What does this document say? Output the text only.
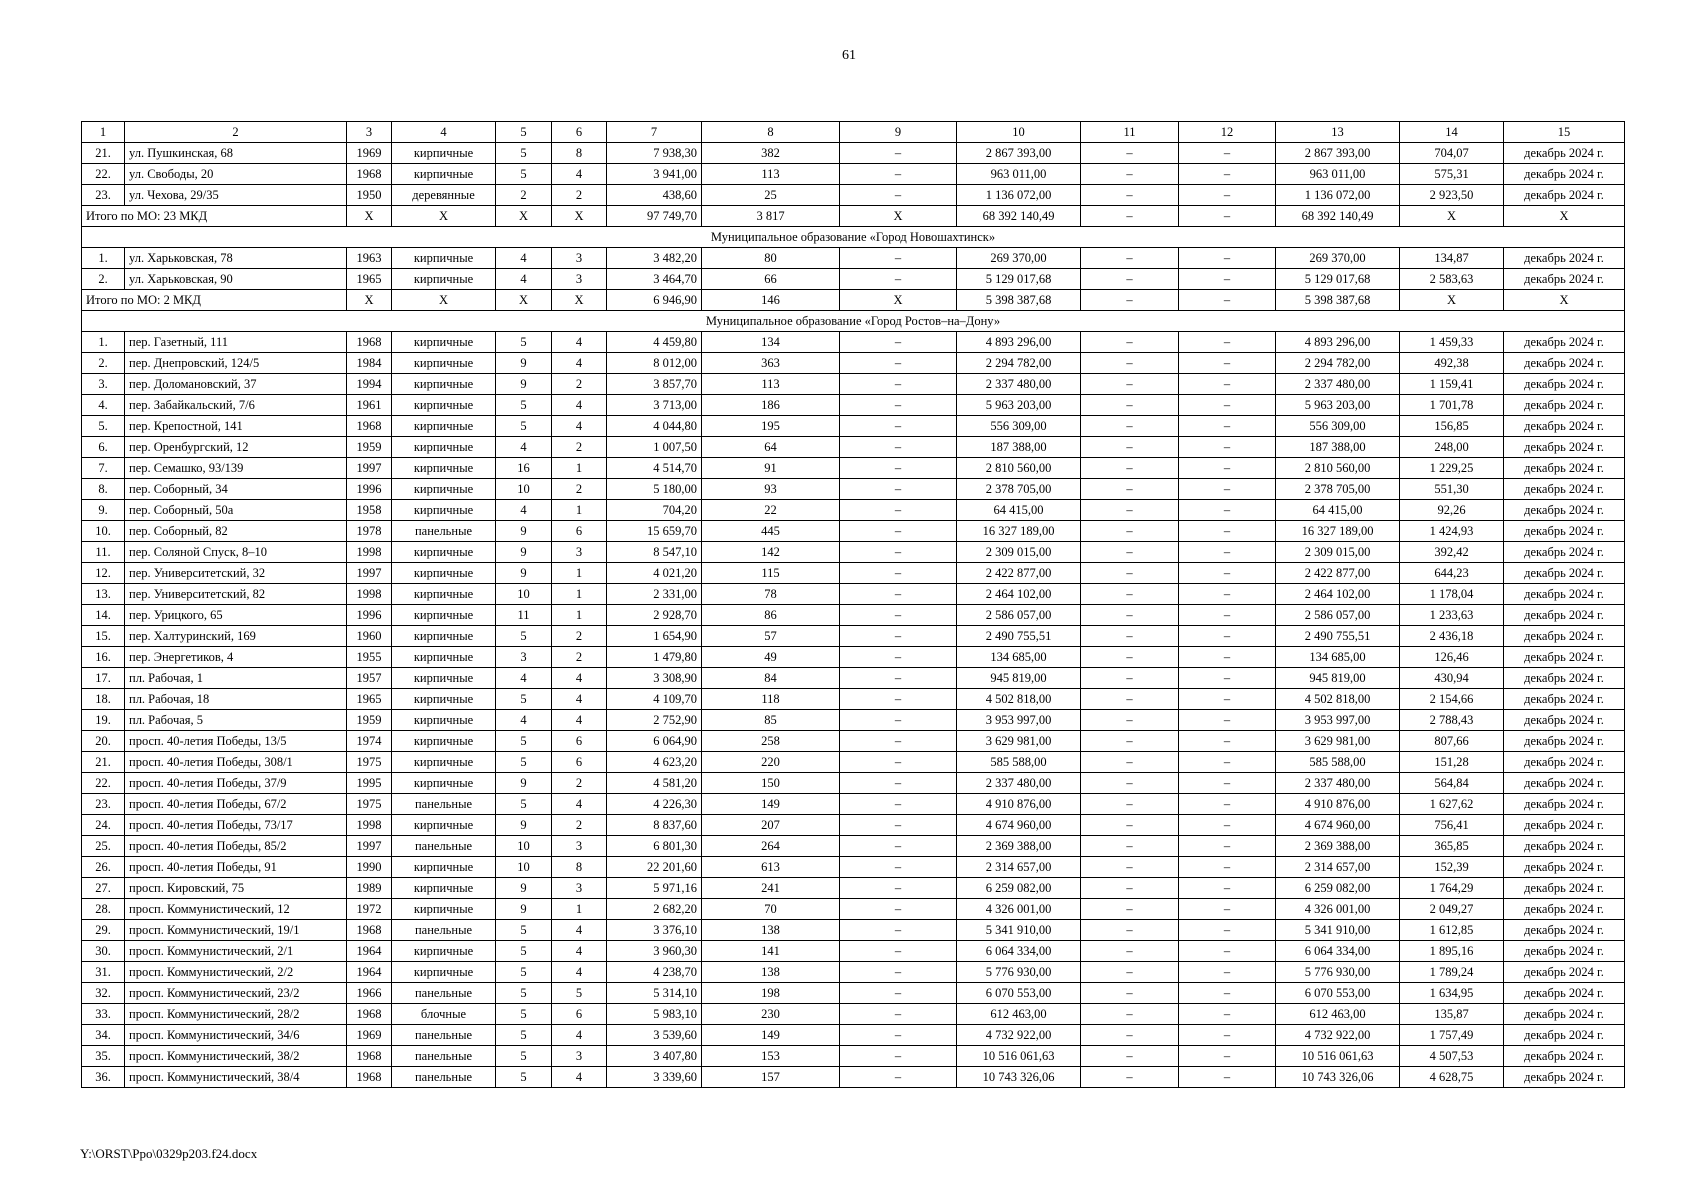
61
1	2	3	4	5	6	7	8	9	10	11	12	13	14	15
21.	ул. Пушкинская, 68	1969	кирпичные	5	8	7 938,30	382	–	2 867 393,00	–	–	2 867 393,00	704,07	декабрь 2024 г.
22.	ул. Свободы, 20	1968	кирпичные	5	4	3 941,00	113	–	963 011,00	–	–	963 011,00	575,31	декабрь 2024 г.
23.	ул. Чехова, 29/35	1950	деревянные	2	2	438,60	25	–	1 136 072,00	–	–	1 136 072,00	2 923,50	декабрь 2024 г.
Итого по МО: 23 МКД		Х	Х	Х	Х	97 749,70	3 817	Х	68 392 140,49	–	–	68 392 140,49	Х	Х
Муниципальное образование «Город Новошахтинск»														
1.	ул. Харьковская, 78	1963	кирпичные	4	3	3 482,20	80	–	269 370,00	–	–	269 370,00	134,87	декабрь 2024 г.
2.	ул. Харьковская, 90	1965	кирпичные	4	3	3 464,70	66	–	5 129 017,68	–	–	5 129 017,68	2 583,63	декабрь 2024 г.
Итого по МО: 2 МКД		Х	Х	Х	Х	6 946,90	146	Х	5 398 387,68	–	–	5 398 387,68	Х	Х
Муниципальное образование «Город Ростов–на–Дону»														
1.	пер. Газетный, 111	1968	кирпичные	5	4	4 459,80	134	–	4 893 296,00	–	–	4 893 296,00	1 459,33	декабрь 2024 г.
2.	пер. Днепровский, 124/5	1984	кирпичные	9	4	8 012,00	363	–	2 294 782,00	–	–	2 294 782,00	492,38	декабрь 2024 г.
3.	пер. Доломановский, 37	1994	кирпичные	9	2	3 857,70	113	–	2 337 480,00	–	–	2 337 480,00	1 159,41	декабрь 2024 г.
4.	пер. Забайкальский, 7/6	1961	кирпичные	5	4	3 713,00	186	–	5 963 203,00	–	–	5 963 203,00	1 701,78	декабрь 2024 г.
5.	пер. Крепостной, 141	1968	кирпичные	5	4	4 044,80	195	–	556 309,00	–	–	556 309,00	156,85	декабрь 2024 г.
6.	пер. Оренбургский, 12	1959	кирпичные	4	2	1 007,50	64	–	187 388,00	–	–	187 388,00	248,00	декабрь 2024 г.
7.	пер. Семашко, 93/139	1997	кирпичные	16	1	4 514,70	91	–	2 810 560,00	–	–	2 810 560,00	1 229,25	декабрь 2024 г.
8.	пер. Соборный, 34	1996	кирпичные	10	2	5 180,00	93	–	2 378 705,00	–	–	2 378 705,00	551,30	декабрь 2024 г.
9.	пер. Соборный, 50а	1958	кирпичные	4	1	704,20	22	–	64 415,00	–	–	64 415,00	92,26	декабрь 2024 г.
10.	пер. Соборный, 82	1978	панельные	9	6	15 659,70	445	–	16 327 189,00	–	–	16 327 189,00	1 424,93	декабрь 2024 г.
11.	пер. Соляной Спуск, 8–10	1998	кирпичные	9	3	8 547,10	142	–	2 309 015,00	–	–	2 309 015,00	392,42	декабрь 2024 г.
12.	пер. Университетский, 32	1997	кирпичные	9	1	4 021,20	115	–	2 422 877,00	–	–	2 422 877,00	644,23	декабрь 2024 г.
13.	пер. Университетский, 82	1998	кирпичные	10	1	2 331,00	78	–	2 464 102,00	–	–	2 464 102,00	1 178,04	декабрь 2024 г.
14.	пер. Урицкого, 65	1996	кирпичные	11	1	2 928,70	86	–	2 586 057,00	–	–	2 586 057,00	1 233,63	декабрь 2024 г.
15.	пер. Халтуринский, 169	1960	кирпичные	5	2	1 654,90	57	–	2 490 755,51	–	–	2 490 755,51	2 436,18	декабрь 2024 г.
16.	пер. Энергетиков, 4	1955	кирпичные	3	2	1 479,80	49	–	134 685,00	–	–	134 685,00	126,46	декабрь 2024 г.
17.	пл. Рабочая, 1	1957	кирпичные	4	4	3 308,90	84	–	945 819,00	–	–	945 819,00	430,94	декабрь 2024 г.
18.	пл. Рабочая, 18	1965	кирпичные	5	4	4 109,70	118	–	4 502 818,00	–	–	4 502 818,00	2 154,66	декабрь 2024 г.
19.	пл. Рабочая, 5	1959	кирпичные	4	4	2 752,90	85	–	3 953 997,00	–	–	3 953 997,00	2 788,43	декабрь 2024 г.
20.	просп. 40-летия Победы, 13/5	1974	кирпичные	5	6	6 064,90	258	–	3 629 981,00	–	–	3 629 981,00	807,66	декабрь 2024 г.
21.	просп. 40-летия Победы, 308/1	1975	кирпичные	5	6	4 623,20	220	–	585 588,00	–	–	585 588,00	151,28	декабрь 2024 г.
22.	просп. 40-летия Победы, 37/9	1995	кирпичные	9	2	4 581,20	150	–	2 337 480,00	–	–	2 337 480,00	564,84	декабрь 2024 г.
23.	просп. 40-летия Победы, 67/2	1975	панельные	5	4	4 226,30	149	–	4 910 876,00	–	–	4 910 876,00	1 627,62	декабрь 2024 г.
24.	просп. 40-летия Победы, 73/17	1998	кирпичные	9	2	8 837,60	207	–	4 674 960,00	–	–	4 674 960,00	756,41	декабрь 2024 г.
25.	просп. 40-летия Победы, 85/2	1997	панельные	10	3	6 801,30	264	–	2 369 388,00	–	–	2 369 388,00	365,85	декабрь 2024 г.
26.	просп. 40-летия Победы, 91	1990	кирпичные	10	8	22 201,60	613	–	2 314 657,00	–	–	2 314 657,00	152,39	декабрь 2024 г.
27.	просп. Кировский, 75	1989	кирпичные	9	3	5 971,16	241	–	6 259 082,00	–	–	6 259 082,00	1 764,29	декабрь 2024 г.
28.	просп. Коммунистический, 12	1972	кирпичные	9	1	2 682,20	70	–	4 326 001,00	–	–	4 326 001,00	2 049,27	декабрь 2024 г.
29.	просп. Коммунистический, 19/1	1968	панельные	5	4	3 376,10	138	–	5 341 910,00	–	–	5 341 910,00	1 612,85	декабрь 2024 г.
30.	просп. Коммунистический, 2/1	1964	кирпичные	5	4	3 960,30	141	–	6 064 334,00	–	–	6 064 334,00	1 895,16	декабрь 2024 г.
31.	просп. Коммунистический, 2/2	1964	кирпичные	5	4	4 238,70	138	–	5 776 930,00	–	–	5 776 930,00	1 789,24	декабрь 2024 г.
32.	просп. Коммунистический, 23/2	1966	панельные	5	5	5 314,10	198	–	6 070 553,00	–	–	6 070 553,00	1 634,95	декабрь 2024 г.
33.	просп. Коммунистический, 28/2	1968	блочные	5	6	5 983,10	230	–	612 463,00	–	–	612 463,00	135,87	декабрь 2024 г.
34.	просп. Коммунистический, 34/6	1969	панельные	5	4	3 539,60	149	–	4 732 922,00	–	–	4 732 922,00	1 757,49	декабрь 2024 г.
35.	просп. Коммунистический, 38/2	1968	панельные	5	3	3 407,80	153	–	10 516 061,63	–	–	10 516 061,63	4 507,53	декабрь 2024 г.
36.	просп. Коммунистический, 38/4	1968	панельные	5	4	3 339,60	157	–	10 743 326,06	–	–	10 743 326,06	4 628,75	декабрь 2024 г.
Y:\ORST\Ppo\0329p203.f24.docx
